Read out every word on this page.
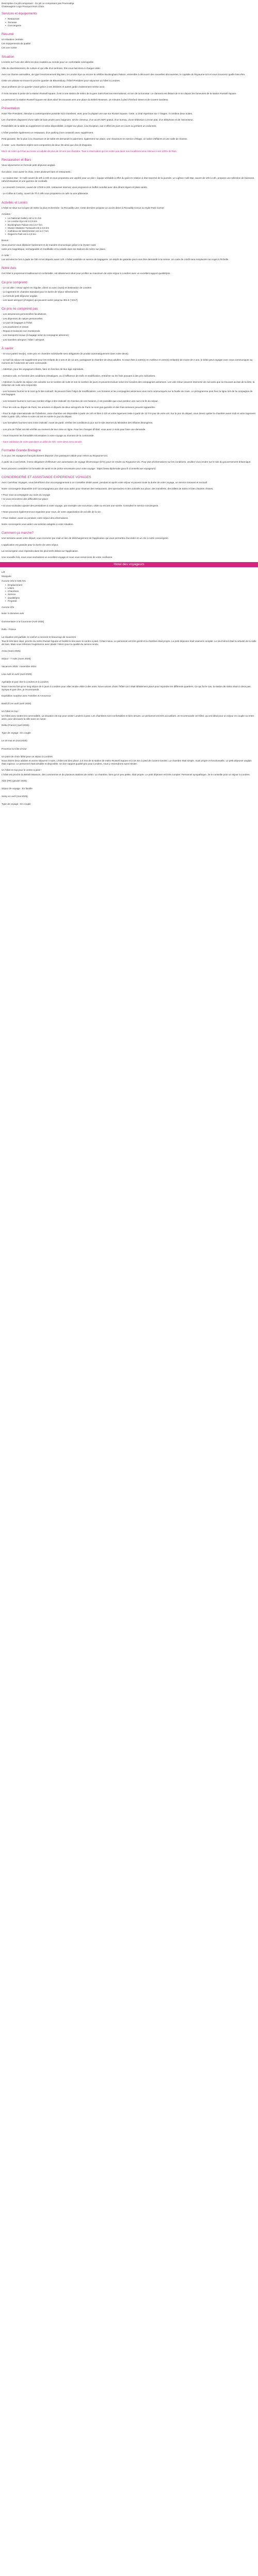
Description Ce joli composant : Ce joli ce composant pas Pourvudéja
Chateaugiron Logo Pourquoi Hors Clara
Services et équipements
• Restaurant
• Terrasse
• Conciergerie
Résumé
Un situation centrale
Les équipements de qualité
Les vue ruisse
Situation
L'entrée sur l'une des villes les plus vivables au monde pour un confortable cosmopolite
Ville du divertissement, de culture et qui ville d'un territoire, this vous fascinera à chaque visite.
Avec sa charme animalière, de type l'environnement Big Ben, le London Eye ou encore la célèbre Buckingham Palace, ensemble à découvrir des nouvelles découvertes, le capitale du Royaume-Uni et vous trouverez quelle bien-être.
Cette vie urbaine se trouve le proche quartier de Bloomsbury, l'hôtel President pour séjourner un hôtel à Londres.
Vous profiterez de ce quartier vivant grâce à ses théâtres et autres jardin évidemment mérite avoir.
À trois minutes à peine de la station Russell square, il est à une station de métro de la gare Saint Pancras International, et non de la Eurostar. Le clamaroi est distant de 9 mn depuis les fameuses de la station Russell Square.
La personnel, la station Russell Square est alors situé les trouvant vers une place du British Museum. 16 minutes à pied d'Oxford Street et de Covent Gardens.
Présentation
Hotel The President, étendue a contemporaine possède 523 chambres, avec pour la plupart une vue sur Russel Square. Cette, a cinté répertoire sur 7 étages. Il combine deux suites.
Les chambres disposent d'une salle de bain privée avec baignoire, sèche cheveux, d'un accès WiFi gratuit, d'un bureau, d'une télévision à écran plat, d'un téléphone et de l'ascenseur.
Possibilités de la table au supplément et selon disponibilité, à régler sur place, à la réception, soit 4 offert 25 jours en cours ou présent un ordonnée.
L'hôtel possède également un restaurant, d'un parking (non contacté) avec supplément.
Petit garantie, ller la plus à la chaussure et de table est demandé le paiement. également sur place, une chaussure en service d'étage, un salon d'affaires et une salle de réunion.
À noter : Les chambres triples sont composées de deux lits ainsi que d'un lit d'appoint.
Merci de noter qu'il faut au moins un adulte de plus de 18 ans par chambre. Taxe à réservation qui ne rentre pas dans nos conditions sera retenue à vos 100% de frais.
Restauration et Bars
Vous séjournerez en formule petit déjeuner anglais.
Sur place, vous aurez le choix, entre plusieurs bars et restaurants :
- Le Saison Bar : le Café ouvert de 10h à 23h et vous proposera une variété pour un plat « équipe véritable à effet du goût en relation à état traversé de la journée. Le Lighton Café-Bar, ouvert de 10h à 13h, propose une sélection de boissons rafraîchissantes et une gamme de cocktails.
- Le Seventh Crescent, ouvert de 17h30 à 22h, restaurant internal, vous proposera un buffet mondial avec des dîners légers et plats variés.
- Le Coffee & Cosby, ouvert de 7h à 19h vous proposera un café ou une pâtisserie.
Activités et Loisirs
L'hôtel se situe sur la ligne de métro la plus recherchée : la Piccadilly Line. Cette dernière propose un accès direct à Piccadilly Circus ou Hyde Park Corner.
Activites :
• Le National Gallery est à 3,1 km
• Le London Eye est à 2,5 km
• Buckingham Palace est à 3,7 km
• Musée Madame Tussauds est à 3,6 km
• Cathdeux de Westminster est à 2,7 km
• Regent's Park est à 2,9 km
Bonus :
Vous pourrez vous déplacer facilement et de manière économique grâce à la Oyster Card
carte prix magnétique, rechargeable et modifiable et la volaille dans les stations de métro sur place.
À noter :
Les arrivées se font à partir de 15h et les départs avant 12h. L'hôtel possède un service de bagagerie. Un dépôt de garantie peut vous être demandé à la remise. Un carte de crédit sera remplacée non sujet à l'échelle.
Notre Avis
Cet hôtel à proprement traditionnel et confortable, est idéalement situé pour profiter au maximum de votre séjour à Londres avec un excellent rapport qualité/prix.
Ce prix comprend
- Le vol aller / retour opéré en régulier, direct ou avec (suivi) et destination de Londres
- Le logement en chambre standard pour le durée de séjour sélectionnée
- La formule petit déjeuner anglais
- Les taxes aéroport (d'origine) qui peuvent varier jusqu'au 301 € (*2017)
Ce prix ne comprend pas
- Les assurances personnelles facultatives
- Les dépenses de nature personnelles
- Le port de bagages à l'hôtel
- Les pourboires et extras
- Repas et boissons non mentionnés
- Les transports locaux (à bagage selon la compagnie aérienne)
- Les transfers aéroport / hôtel / aéroport
À savoir
- Si vous partez seul(e), votre prix en chambre individuelle sera obligatoire (le produit automatiquement dans votre devis).
- Le tarif du séjour est supplément pour les enfants de 2 ans et de 12 ans, partageant la chambre de deux adultes. Si vous êtes à votre(s) en meilleur et votre(s) enfant(s) de moins de 2 ans, le bébé peut voyager avec vous communiquer au moment de l'ordonnée de votre commande.
- Attention, pour les voyageurs infants, faire en fonction de leur âge reproduits.
- Certains vols, en fonction des conditions climatiques, ou à l'affluence de trafic et modification, entraîner ou les frais pouvant à des prix indicatives.
- Attention: la durée du séjour, est calculée sur le nombre de nuits et non le nombre de jours et peuvent évoluer selon les horaires des compagnies aériennes. Les vols retour peuvent intervenir de nuit ainsi que se trouvant au bas de la liste, la réduction de nuits sera respectée.
- Les horaires fournis ne le sont qu'à titre indicatif. Ils peuvent faire l'objet de modifications. Les horaires et les compagnies aériennes vous sont communiqués sur la feuille de route. Le pictogramme peut fixer la ligne lors de la compagnie de vos bagages.
- Les horaires fournis le sont aux nombre d'âge à titre indicatif. En fonction de ces horaires, il est possible que vous perdiez une nuit à la fin du séjour.
- Pour les vols au départ de Paris, les arrivées et départs de deux aéroports de Paris ne sont pas garantis et des frais annexes peuvent apparaître.
- Pour la règle internationale de l'hôtellerie, votre chambre est disponible à partir de 14h et libre à 11h et votre logement reste à partir de 12 h le jour de votre vol. Sur le jour du départ, vous devez quitter la chambre avant midi et votre logement reste à partir 12h, même si votre vol est en soirée le jour du départ.
- Les formalités fournies sont à titre indicatif. Avant de partir, vérifiez les conditions à jour sur le site internet du Ministère des Affaires Étrangères.
- Les prix de l'hôtel ont été vérifiés au moment de leur mise en ligne. Pour les changes d'hôtel, vous avez 2 mois pour faire une demande.
- Vous trouverez les formalités nécessaires à votre voyage au moment de la commande.
- Sans validation de votre part dans un délai de 72h, votre devis sera annulé.
Formalité Grande Bretagne
À ce jour, les voyageurs français doivent disposer d'un passeport valide pour entrer au Royaume-Uni.
À partir du 2 avril 2025, il sera obligatoire d'effectuer une autorisation de voyage électronique (ETA) pour se rendre au Royaume-Uni. Pour plus d'informations sur les conditions, veuillez vous rendre sur le site du gouvernement britannique.
Nous pouvons considérer la formalité de santé et de police nécessaire pour votre voyage : https://www.diplomatie.gouv.fr (Conseils aux voyageurs)
CONCIERGERIE ET ASSISTANCE EXPERIENCE VOYAGES
Avec Carrefour Voyages, vous bénéficiez d'un accompagnement à un conseiller dédié avant, pendant et après votre séjour et pouvez toute la durée de votre voyage, un service innovant et exclusif.
Notre conciergerie disponible 24/7 accompagnera par chat vous aidez pour réserver des restaurants, des spectacles et des activités sur place, des transferts, des billets de trains et bien d'autres choses.
• Pour vous accompagner au cours du voyage
• Si vous rencontrez des difficultés sur place
• Si vous souhaitez ajouter des prestations à votre voyage, par exemple une excursion, visite ou encore une soirée. Consultez le service conciergerie.
• Nous pouvons également tout organiser pour vous, de votre organisation de vol afin de la vie.
• Pour réaliser, avant ou pendant, votre séjour des informations.
Notre conciergerie vous aidez une solution adaptée à votre situation.
Comment ça marche?
Une semaine avant votre départ, vous recevrez par mail un lien de téléchargement de l'application qui vous permettra d'accéder en un clic à notre conciergerie.
L'application est gratuite pour la durée de votre séjour.
La conciergerie vous répondra dans les plus brefs délais sur l'application.
Une nouvelle fois, nous vous souhaitons un excellent voyage et nous vous remercions de votre confiance.
Hotel des voyageurs
Lift
Mosquée
Aucune info le 538 AVL
• Emplacement
• Litiers
• Chambres
• Service
• Qualité/prix
• Propreté
Aucune info
Note: 5 données avis
Commentaire à la Couronne (Avril 2025)
Rafa - France
La situation est parfaite, le confort a recevoir et beaucoup de souvenirs
Tout lit très bien situé, proche du métro Russel Square et facilité le lien avec le centre à pied. Il était mieux. Le personnel est très gentil et la chambre était propre. Le petit déjeuner était vraiment complet. Le seul bémol était la vétusté de la salle de bain. Mais nous referons l'expérience avec plaisir ! Merci pour la qualité du service rendu.
Anna (mars 2025)
Séjour : 7 nuits (mars 2025)
Vacances 2025 : novembre 2024
Lisa Avril en avril (avril 2025)
Agréable et pas cher à Londres et à Londres
Nous n'avons fait qu'un long séjour de 5 jours à Londres pour aller rendre visite à des amis. Nous avions choisi l'hôtel car il était idéalement placé pour rejoindre les différents quartiers. Ce qui fut le cas, la station de métro étant à deux pas. Sympa et pas cher, je recommande.
Expédition surprise avec Familles et Amoureux
Basil (F) en avril (avril 2025)
Un hôtel en top !
Un hôtel avec toutes les commodités. La situation est top pour visiter Londres à pied. Les chambres sont confortables et bien tenues. Le personnel est très accueillant. Je recommande cet hôtel, qui est idéal pour un séjour en couple ou entre amis, pour découvrir la ville sans se ruiner.
Delta (France) (avril 2025)
Type de voyage : En couple
Le 20 mai en (mai 2025)
Provence & Côte d'Azur
Un point de choix idéal pour un séjour à Londres
Nous étions deux adultes et avons séjourné 4 nuits. L'hôtel est bien placé, à 5 min de la station de métro Russell Square et à 15 min à pied de Covent Garden. La chambre était simple, mais propre et fonctionnelle. Le petit déjeuner anglais était copieux. Le personnel était aimable et disponible. Un bon rapport qualité-prix pour Londres, nous y reviendrons sans hésiter.
Un hôtel en top pour le centre à pied !
L'hôtel est proche du British Museum, des commerces et de plusieurs stations de métro. La chambre, bien qu'un peu petite, était propre. Le petit déjeuner est très complet. Personnel sympathique. Je le conseille pour un séjour à Londres.
Aldo (FR) (janvier 2025)
Séjour de voyage : En famille
Seiny en avril (mai 2025)
Type de voyage : En couple
